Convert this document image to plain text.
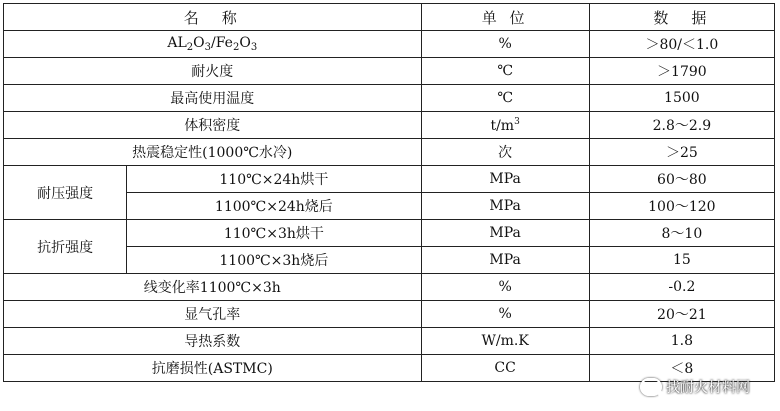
名　称		单 位	数　据
$AL_2O_3/Fe_2O_3$		%	＞80/＜1.0
耐火度		℃	＞1790
最高使用温度		℃	1500
体积密度		$t/m^3$	2.8～2.9
热震稳定性(1000℃水冷)		次	＞25
耐压强度	110℃×24h烘干	MPa	60～80
	1100℃×24h烧后	MPa	100～120
抗折强度	110℃×3h烘干	MPa	8～10
	1100℃×3h烧后	MPa	15
线变化率1100℃×3h		%	-0.2
显气孔率		%	20～21
导热系数		W/m.K	1.8
抗磨损性(ASTMC)		CC	＜8
找耐火材料网
